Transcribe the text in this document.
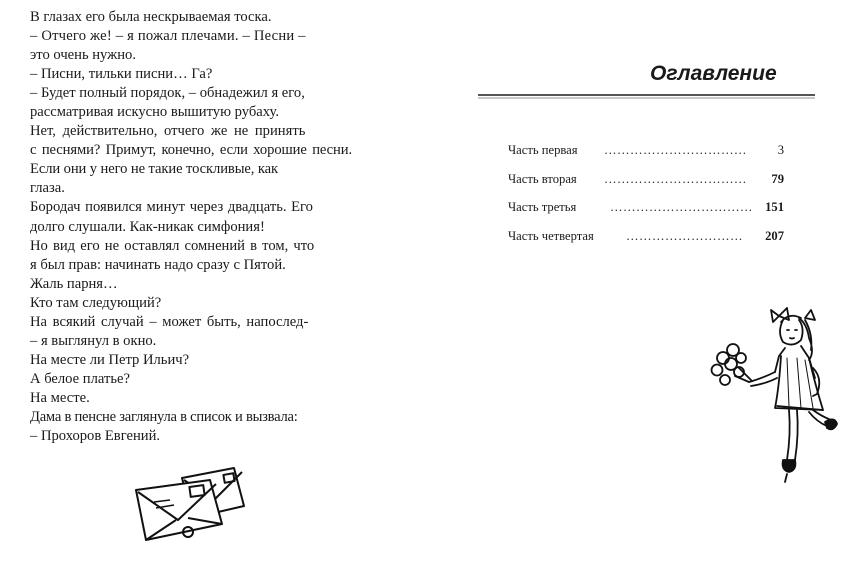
В глазах его была нескрываемая тоска.

– Отчего же! – я пожал плечами. – Песни –

это очень нужно.

– Писни, тильки писни… Га?

– Будет полный порядок, – обнадежил я его,

рассматривая искусно вышитую рубаху.

Нет, действительно, отчего же не принять

с песнями? Примут, конечно, если хорошие песни. Если они у него не такие тоскливые, как

глаза.

Бородач появился минут через двадцать. Его

долго слушали. Как-никак симфония!

Но вид его не оставлял сомнений в том, что

я был прав: начинать надо сразу с Пятой.

Жаль парня…

Кто там следующий?

На всякий случай – может быть, напослед-

– я выглянул в окно.

На месте ли Петр Ильич?

А белое платье?

На месте.

Дама в пенсне заглянула в список и вызвала:

– Прохоров Евгений.

Оглавление
Часть первая …………………………… 3
Часть вторая …………………………… 79
Часть третья	…………………………… 151
Часть четвертая	……………………… 207
